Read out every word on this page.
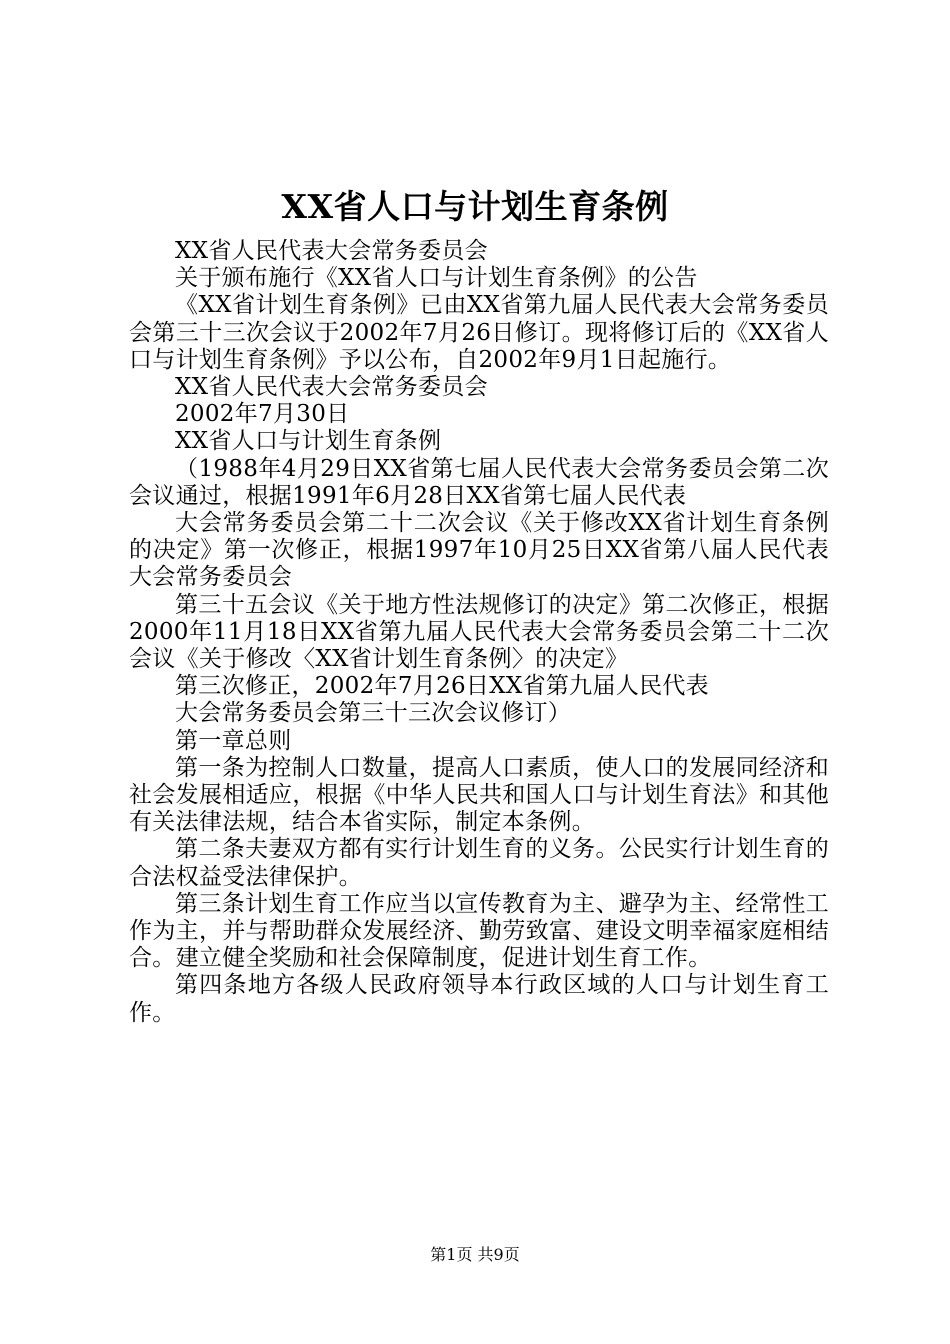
XX省人口与计划生育条例

XX省人民代表大会常务委员会

关于颁布施行《XX省人口与计划生育条例》的公告

《XX省计划生育条例》已由XX省第九届人民代表大会常务委员会第三十三次会议于2002年7月26日修订。现将修订后的《XX省人口与计划生育条例》予以公布，自2002年9月1日起施行。

XX省人民代表大会常务委员会

2002年7月30日

XX省人口与计划生育条例

（1988年4月29日XX省第七届人民代表大会常务委员会第二次会议通过，根据1991年6月28日XX省第七届人民代表

大会常务委员会第二十二次会议《关于修改XX省计划生育条例的决定》第一次修正，根据1997年10月25日XX省第八届人民代表大会常务委员会

第三十五会议《关于地方性法规修订的决定》第二次修正，根据2000年11月18日XX省第九届人民代表大会常务委员会第二十二次会议《关于修改〈XX省计划生育条例〉的决定》

第三次修正，2002年7月26日XX省第九届人民代表

大会常务委员会第三十三次会议修订）

第一章总则

第一条为控制人口数量，提高人口素质，使人口的发展同经济和社会发展相适应，根据《中华人民共和国人口与计划生育法》和其他有关法律法规，结合本省实际，制定本条例。

第二条夫妻双方都有实行计划生育的义务。公民实行计划生育的合法权益受法律保护。

第三条计划生育工作应当以宣传教育为主、避孕为主、经常性工作为主，并与帮助群众发展经济、勤劳致富、建设文明幸福家庭相结合。建立健全奖励和社会保障制度，促进计划生育工作。

第四条地方各级人民政府领导本行政区域的人口与计划生育工作。

第1页 共9页
